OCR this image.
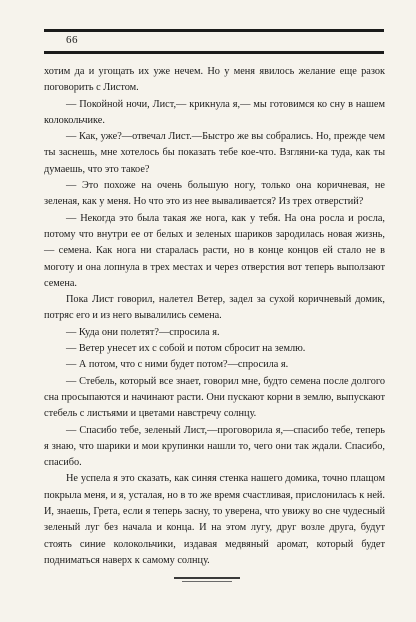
66

хотим да и угощать их уже нечем. Но у меня явилось желание еще разок поговорить с Листом.

— Покойной ночи, Лист,— крикнула я,— мы готовимся ко сну в нашем колокольчике.

— Как, уже?—отвечал Лист.—Быстро же вы собрались. Но, прежде чем ты заснешь, мне хотелось бы показать тебе кое-что. Взгляни-ка туда, как ты думаешь, что это такое?

— Это похоже на очень большую ногу, только она коричневая, не зеленая, как у меня. Но что это из нее вываливается? Из трех отверстий?

— Некогда это была такая же нога, как у тебя. На она росла и росла, потому что внутри ее от белых и зеленых шариков зародилась новая жизнь,— семена. Как нога ни старалась расти, но в конце концов ей стало не в моготу и она лопнула в трех местах и через отверстия вот теперь выползают семена.

Пока Лист говорил, налетел Ветер, задел за сухой коричневый домик, потряс его и из него вывалились семена.

— Куда они полетят?—спросила я.

— Ветер унесет их с собой и потом сбросит на землю.

— А потом, что с ними будет потом?—спросила я.

— Стебель, который все знает, говорил мне, будто семена после долгого сна просыпаются и начинают расти. Они пускают корни в землю, выпускают стебель с листьями и цветами навстречу солнцу.

— Спасибо тебе, зеленый Лист,—проговорила я,—спасибо тебе, теперь я знаю, что шарики и мои крупинки нашли то, чего они так ждали. Спасибо, спасибо.

Не успела я это сказать, как синяя стенка нашего домика, точно плащом покрыла меня, и я, усталая, но в то же время счастливая, прислонилась к ней. И, знаешь, Грета, если я теперь засну, то уверена, что увижу во сне чудесный зеленый луг без начала и конца. И на этом лугу, друг возле друга, будут стоять синие колокольчики, издавая медвяный аромат, который будет подниматься наверх к самому солнцу.
